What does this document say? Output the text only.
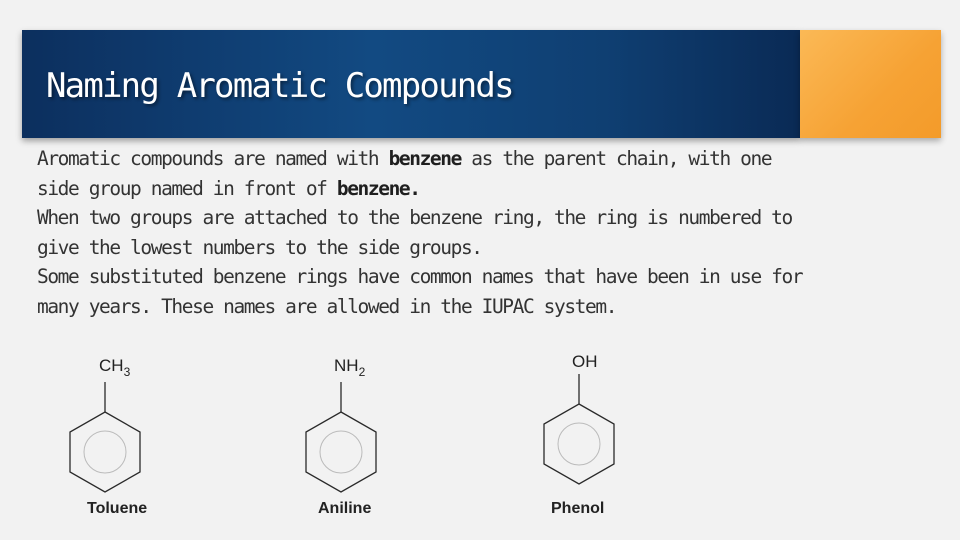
Naming Aromatic Compounds

Aromatic compounds are named with benzene as the parent chain, with one
side group named in front of benzene.

When two groups are attached to the benzene ring, the ring is numbered to
give the lowest numbers to the side groups.

Some substituted benzene rings have common names that have been in use for
many years. These names are allowed in the IUPAC system.

$CH_3$	$NH_2$
OH
Toluene	Aniline	Phenol
